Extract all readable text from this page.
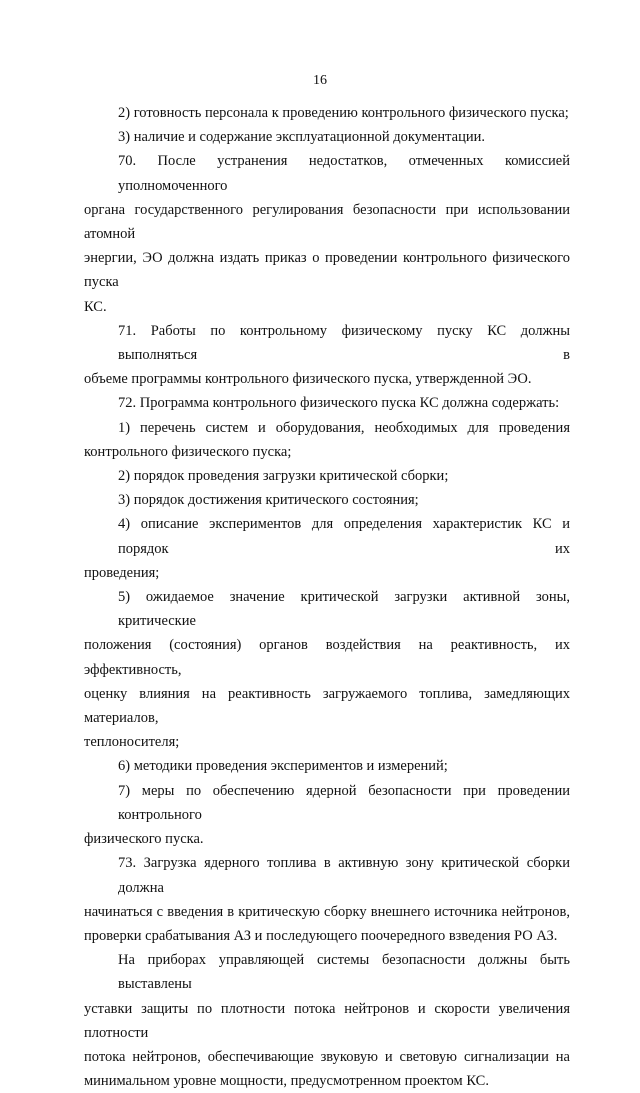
16
2) готовность персонала к проведению контрольного физического пуска;
3) наличие и содержание эксплуатационной документации.
70. После устранения недостатков, отмеченных комиссией уполномоченного
органа государственного регулирования безопасности при использовании атомной
энергии, ЭО должна издать приказ о проведении контрольного физического пуска
КС.
71. Работы по контрольному физическому пуску КС должны выполняться в
объеме программы контрольного физического пуска, утвержденной ЭО.
72. Программа контрольного физического пуска КС должна содержать:
1) перечень систем и оборудования, необходимых для проведения
контрольного физического пуска;
2) порядок проведения загрузки критической сборки;
3) порядок достижения критического состояния;
4) описание экспериментов для определения характеристик КС и порядок их
проведения;
5) ожидаемое значение критической загрузки активной зоны, критические
положения (состояния) органов воздействия на реактивность, их эффективность,
оценку влияния на реактивность загружаемого топлива, замедляющих материалов,
теплоносителя;
6) методики проведения экспериментов и измерений;
7) меры по обеспечению ядерной безопасности при проведении контрольного
физического пуска.
73. Загрузка ядерного топлива в активную зону критической сборки должна
начинаться с введения в критическую сборку внешнего источника нейтронов,
проверки срабатывания АЗ и последующего поочередного взведения РО АЗ.
На приборах управляющей системы безопасности должны быть выставлены
уставки защиты по плотности потока нейтронов и скорости увеличения плотности
потока нейтронов, обеспечивающие звуковую и световую сигнализации на
минимальном уровне мощности, предусмотренном проектом КС.
